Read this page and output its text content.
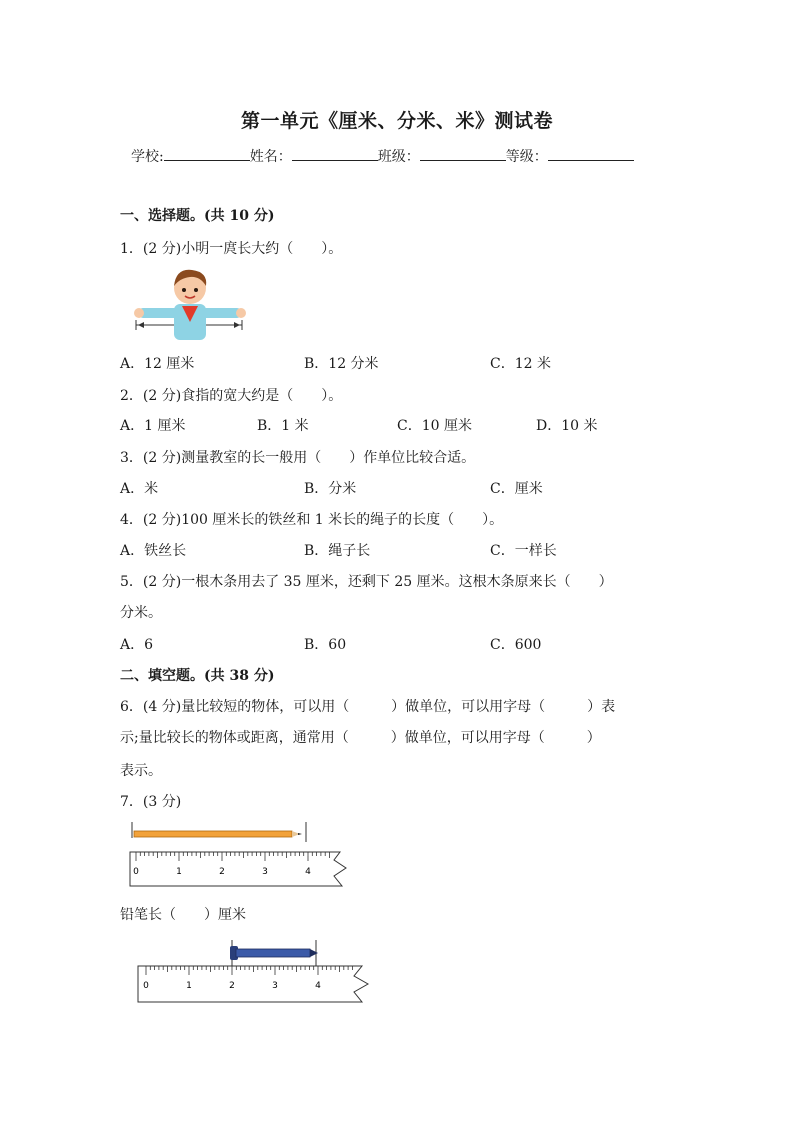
第一单元《厘米、分米、米》测试卷
学校:	姓名：	班级：	等级：
一、选择题。(共 10 分)
1．(2 分)小明一庹长大约（　　）。
A．12 厘米	B．12 分米	C．12 米
2．(2 分)食指的宽大约是（　　）。
A．1 厘米	B．1 米	C．10 厘米	D．10 米
3．(2 分)测量教室的长一般用（　　）作单位比较合适。
A．米	B．分米	C．厘米
4．(2 分)100 厘米长的铁丝和 1 米长的绳子的长度（　　）。
A．铁丝长	B．绳子长	C．一样长
5．(2 分)一根木条用去了 35 厘米，还剩下 25 厘米。这根木条原来长（　　）
分米。
A．6	B．60	C．600
二、填空题。(共 38 分)
6．(4 分)量比较短的物体，可以用（　　　）做单位，可以用字母（　　　）表
示;量比较长的物体或距离，通常用（　　　）做单位，可以用字母（　　　）
表示。
7．(3 分)
0	1	2	3	4
铅笔长（　　）厘米
0	1	2	3	4
